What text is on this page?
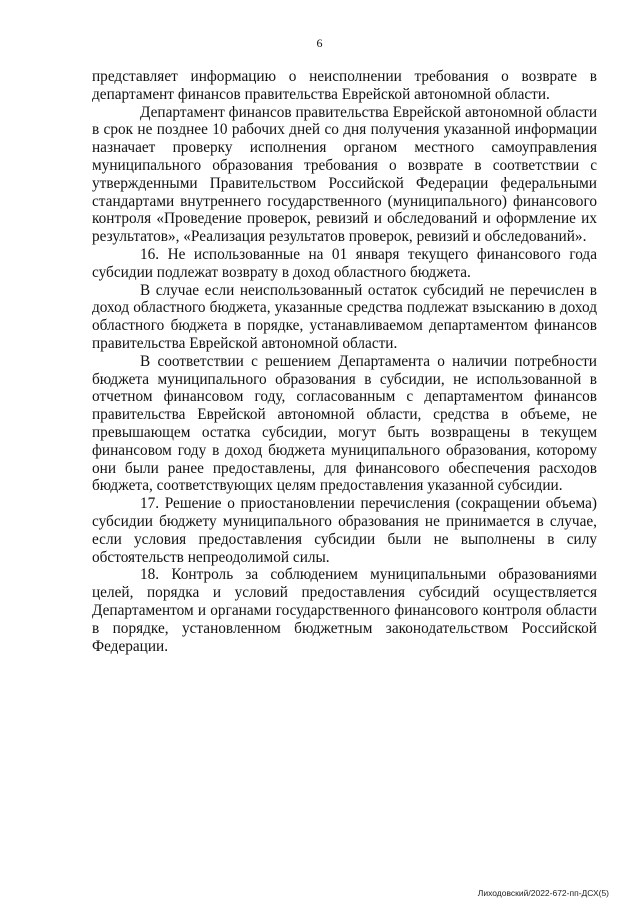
6

представляет информацию о неисполнении требования о возврате в департамент финансов правительства Еврейской автономной области.

Департамент финансов правительства Еврейской автономной области в срок не позднее 10 рабочих дней со дня получения указанной информации назначает проверку исполнения органом местного самоуправления муниципального образования требования о возврате в соответствии с утвержденными Правительством Российской Федерации федеральными стандартами внутреннего государственного (муниципального) финансового контроля «Проведение проверок, ревизий и обследований и оформление их результатов», «Реализация результатов проверок, ревизий и обследований».

16. Не использованные на 01 января текущего финансового года субсидии подлежат возврату в доход областного бюджета.

В случае если неиспользованный остаток субсидий не перечислен в доход областного бюджета, указанные средства подлежат взысканию в доход областного бюджета в порядке, устанавливаемом департаментом финансов правительства Еврейской автономной области.

В соответствии с решением Департамента о наличии потребности бюджета муниципального образования в субсидии, не использованной в отчетном финансовом году, согласованным с департаментом финансов правительства Еврейской автономной области, средства в объеме, не превышающем остатка субсидии, могут быть возвращены в текущем финансовом году в доход бюджета муниципального образования, которому они были ранее предоставлены, для финансового обеспечения расходов бюджета, соответствующих целям предоставления указанной субсидии.

17. Решение о приостановлении перечисления (сокращении объема) субсидии бюджету муниципального образования не принимается в случае, если условия предоставления субсидии были не выполнены в силу обстоятельств непреодолимой силы.

18. Контроль за соблюдением муниципальными образованиями целей, порядка и условий предоставления субсидий осуществляется Департаментом и органами государственного финансового контроля области в порядке, установленном бюджетным законодательством Российской Федерации.

Лиходовский/2022-672-пп-ДСХ(5)
